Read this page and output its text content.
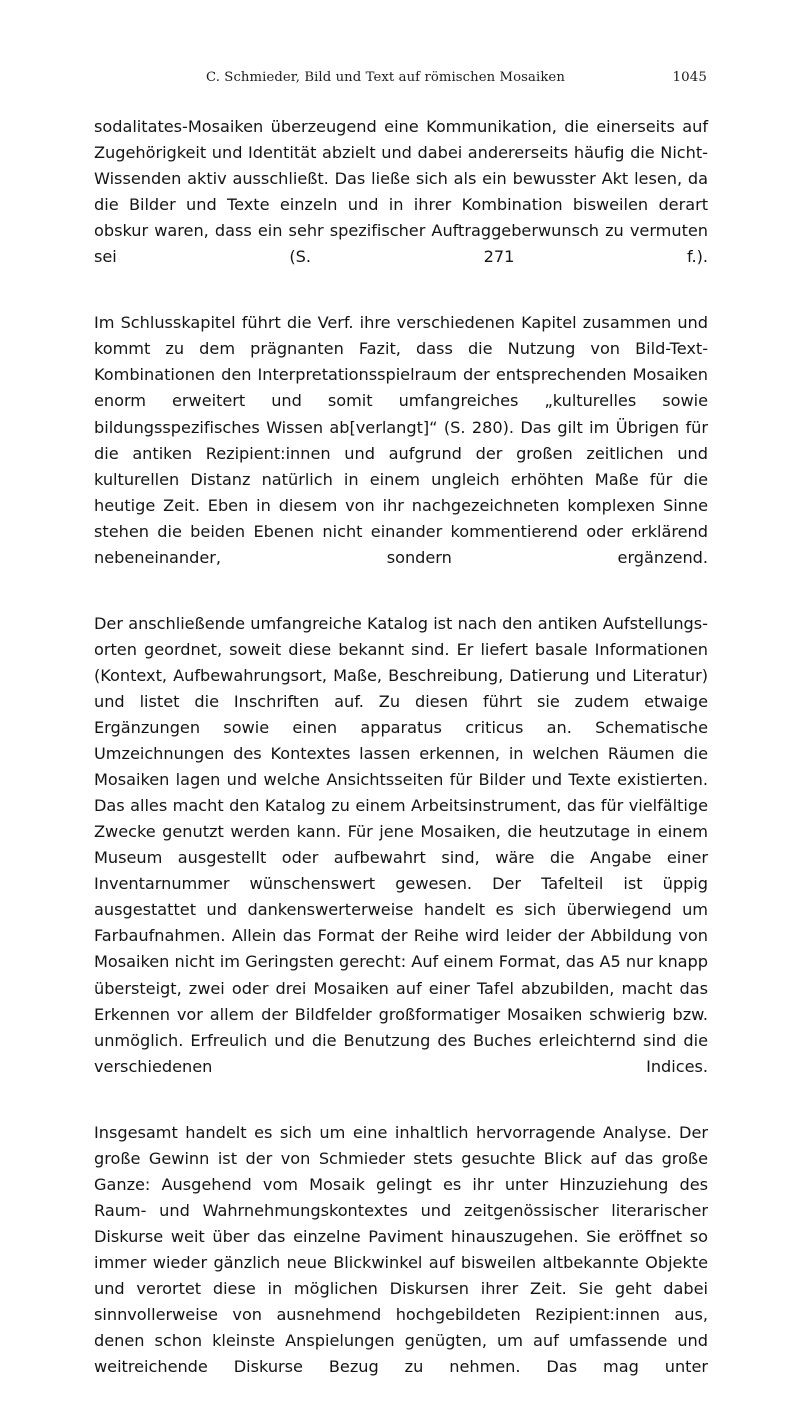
C. Schmieder, Bild und Text auf römischen Mosaiken	1045

sodalitates-Mosaiken überzeugend eine Kommunikation, die einerseits auf Zugehörigkeit und Identität abzielt und dabei andererseits häufig die Nicht-Wissenden aktiv ausschließt. Das ließe sich als ein bewusster Akt lesen, da die Bilder und Texte einzeln und in ihrer Kombination bisweilen derart obskur waren, dass ein sehr spezifischer Auftraggeberwunsch zu vermuten sei (S. 271 f.).

Im Schlusskapitel führt die Verf. ihre verschiedenen Kapitel zusammen und kommt zu dem prägnanten Fazit, dass die Nutzung von Bild-Text-Kombinationen den Interpretationsspielraum der entsprechenden Mosaiken enorm erweitert und somit umfangreiches „kulturelles sowie bildungsspezifisches Wissen ab[verlangt]“ (S. 280). Das gilt im Übrigen für die antiken Rezipient:innen und aufgrund der großen zeitlichen und kulturellen Distanz natürlich in einem ungleich erhöhten Maße für die heutige Zeit. Eben in diesem von ihr nachgezeichneten komplexen Sinne stehen die beiden Ebenen nicht einander kommentierend oder erklärend nebeneinander, sondern ergänzend.

Der anschließende umfangreiche Katalog ist nach den antiken Aufstellungsorten geordnet, soweit diese bekannt sind. Er liefert basale Informationen (Kontext, Aufbewahrungsort, Maße, Beschreibung, Datierung und Literatur) und listet die Inschriften auf. Zu diesen führt sie zudem etwaige Ergänzungen sowie einen apparatus criticus an. Schematische Umzeichnungen des Kontextes lassen erkennen, in welchen Räumen die Mosaiken lagen und welche Ansichtsseiten für Bilder und Texte existierten. Das alles macht den Katalog zu einem Arbeitsinstrument, das für vielfältige Zwecke genutzt werden kann. Für jene Mosaiken, die heutzutage in einem Museum ausgestellt oder aufbewahrt sind, wäre die Angabe einer Inventarnummer wünschenswert gewesen. Der Tafelteil ist üppig ausgestattet und dankenswerterweise handelt es sich überwiegend um Farbaufnahmen. Allein das Format der Reihe wird leider der Abbildung von Mosaiken nicht im Geringsten gerecht: Auf einem Format, das A5 nur knapp übersteigt, zwei oder drei Mosaiken auf einer Tafel abzubilden, macht das Erkennen vor allem der Bildfelder großformatiger Mosaiken schwierig bzw. unmöglich. Erfreulich und die Benutzung des Buches erleichternd sind die verschiedenen Indices.

Insgesamt handelt es sich um eine inhaltlich hervorragende Analyse. Der große Gewinn ist der von Schmieder stets gesuchte Blick auf das große Ganze: Ausgehend vom Mosaik gelingt es ihr unter Hinzuziehung des Raum- und Wahrnehmungskontextes und zeitgenössischer literarischer Diskurse weit über das einzelne Paviment hinauszugehen. Sie eröffnet so immer wieder gänzlich neue Blickwinkel auf bisweilen altbekannte Objekte und verortet diese in möglichen Diskursen ihrer Zeit. Sie geht dabei sinnvollerweise von ausnehmend hochgebildeten Rezipient:innen aus, denen schon kleinste Anspielungen genügten, um auf umfassende und weitreichende Diskurse Bezug zu nehmen. Das mag unter
